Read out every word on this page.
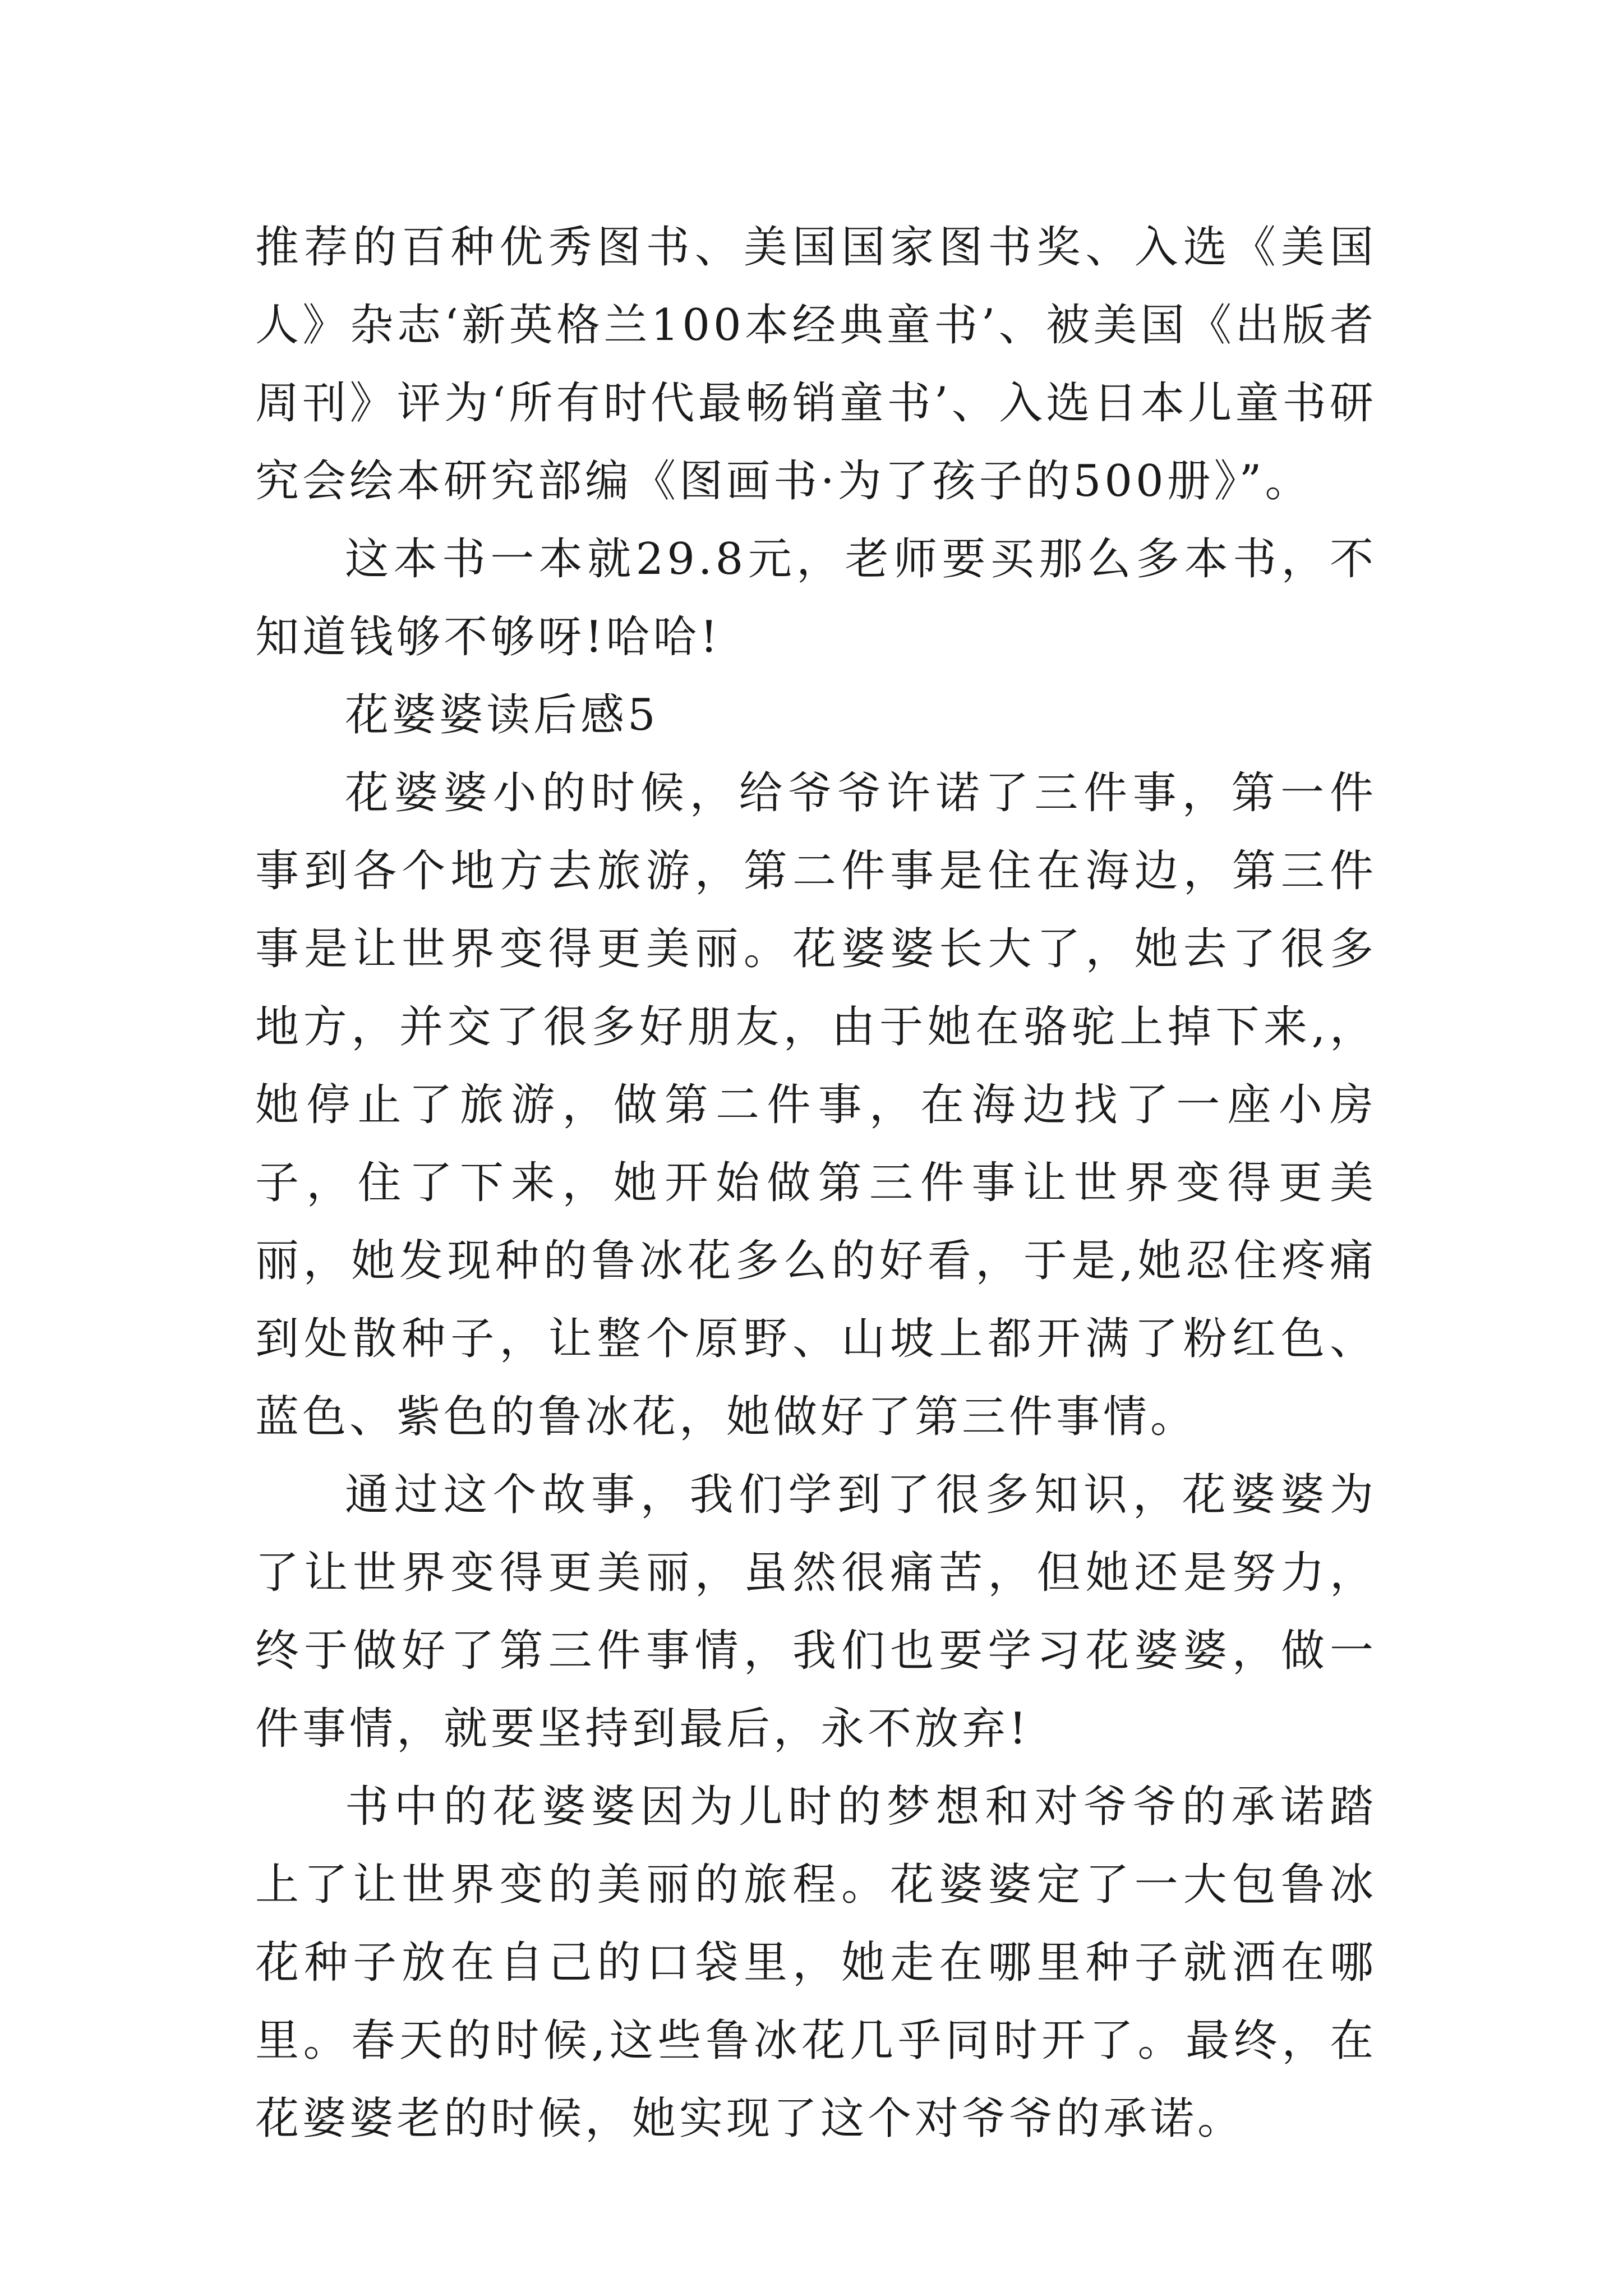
推荐的百种优秀图书、美国国家图书奖、入选《美国人》杂志‘新英格兰100本经典童书’、被美国《出版者周刊》评为‘所有时代最畅销童书’、入选日本儿童书研究会绘本研究部编《图画书·为了孩子的500册》”。

这本书一本就29.8元，老师要买那么多本书，不知道钱够不够呀!哈哈!

花婆婆读后感5

花婆婆小的时候，给爷爷许诺了三件事，第一件事到各个地方去旅游，第二件事是住在海边，第三件事是让世界变得更美丽。花婆婆长大了，她去了很多地方，并交了很多好朋友，由于她在骆驼上掉下来,，她停止了旅游，做第二件事，在海边找了一座小房子，住了下来，她开始做第三件事让世界变得更美丽，她发现种的鲁冰花多么的好看，于是,她忍住疼痛到处散种子，让整个原野、山坡上都开满了粉红色、蓝色、紫色的鲁冰花，她做好了第三件事情。

通过这个故事，我们学到了很多知识，花婆婆为了让世界变得更美丽，虽然很痛苦，但她还是努力，终于做好了第三件事情，我们也要学习花婆婆，做一件事情，就要坚持到最后，永不放弃!

书中的花婆婆因为儿时的梦想和对爷爷的承诺踏上了让世界变的美丽的旅程。花婆婆定了一大包鲁冰花种子放在自己的口袋里，她走在哪里种子就洒在哪里。春天的时候,这些鲁冰花几乎同时开了。最终，在花婆婆老的时候，她实现了这个对爷爷的承诺。
